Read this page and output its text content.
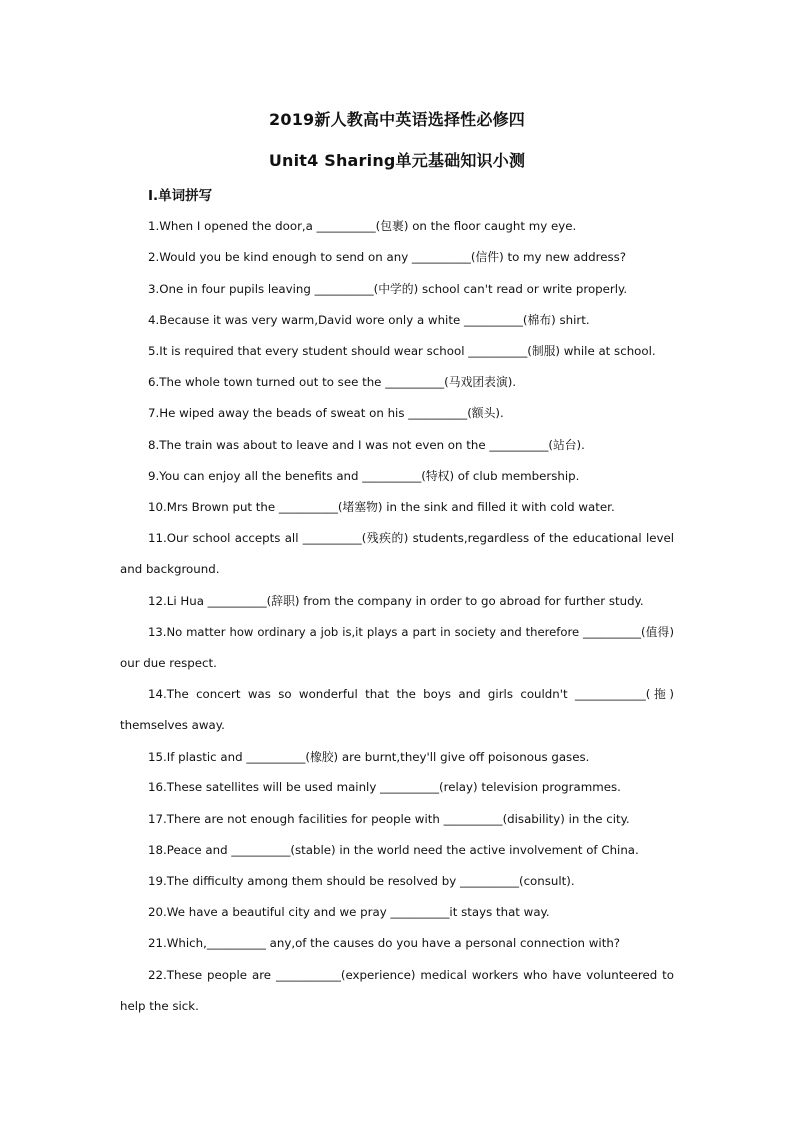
2019新人教高中英语选择性必修四
Unit4 Sharing单元基础知识小测
Ⅰ.单词拼写
1.When I opened the door,a __________(包裹) on the floor caught my eye.
2.Would you be kind enough to send on any __________(信件) to my new address?
3.One in four pupils leaving __________(中学的) school can't read or write properly.
4.Because it was very warm,David wore only a white __________(棉布) shirt.
5.It is required that every student should wear school __________(制服) while at school.
6.The whole town turned out to see the __________(马戏团表演).
7.He wiped away the beads of sweat on his __________(额头).
8.The train was about to leave and I was not even on the __________(站台).
9.You can enjoy all the benefits and __________(特权) of club membership.
10.Mrs Brown put the __________(堵塞物) in the sink and filled it with cold water.
11.Our school accepts all __________(残疾的) students,regardless of the educational level
and background.
12.Li Hua __________(辞职) from the company in order to go abroad for further study.
13.No matter how ordinary a job is,it plays a part in society and therefore __________(值得)
our due respect.
14.The concert was so wonderful that the boys and girls couldn't ____________(拖)
themselves away.
15.If plastic and __________(橡胶) are burnt,they'll give off poisonous gases.
16.These satellites will be used mainly __________(relay) television programmes.
17.There are not enough facilities for people with __________(disability) in the city.
18.Peace and __________(stable) in the world need the active involvement of China.
19.The difficulty among them should be resolved by __________(consult).
20.We have a beautiful city and we pray __________it stays that way.
21.Which,__________ any,of the causes do you have a personal connection with?
22.These people are ___________(experience) medical workers who have volunteered to
help the sick.
